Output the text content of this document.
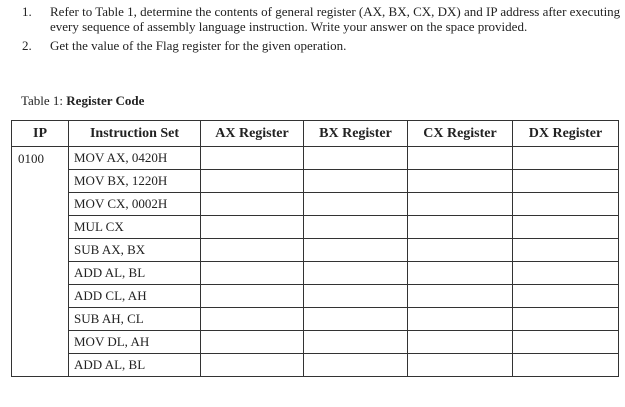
1.	Refer to Table 1, determine the contents of general register (AX, BX, CX, DX) and IP address after executing every sequence of assembly language instruction. Write your answer on the space provided.

2.	Get the value of the Flag register for the given operation.

Table 1: Register Code
IP	Instruction Set	AX Register	BX Register	CX Register	DX Register
0100	MOV AX, 0420H				
	MOV BX, 1220H				
	MOV CX, 0002H				
	MUL CX				
	SUB AX, BX				
	ADD AL, BL				
	ADD CL, AH				
	SUB AH, CL				
	MOV DL, AH				
	ADD AL, BL				
